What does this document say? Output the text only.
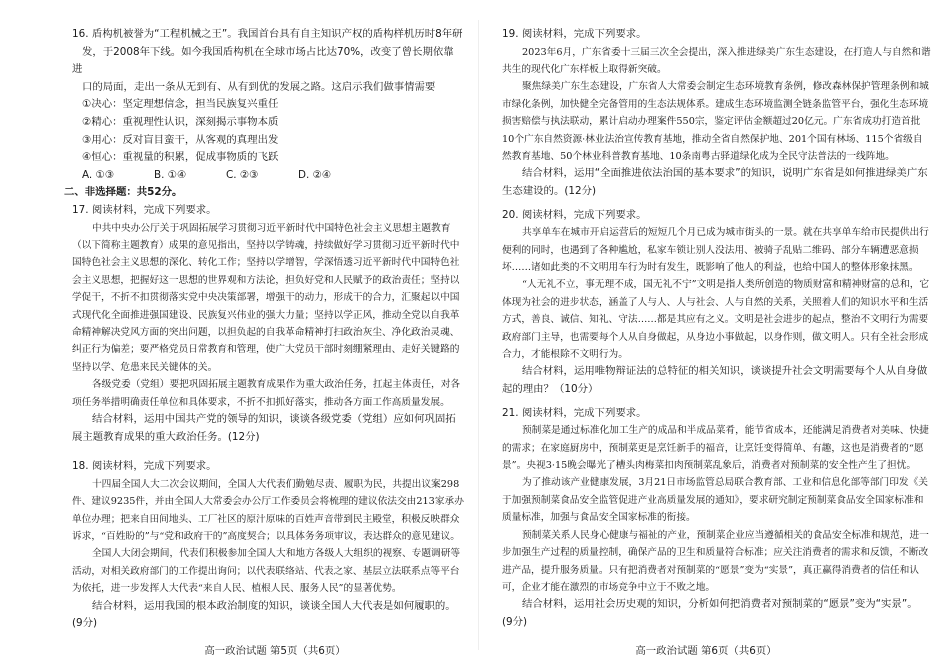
16. 盾构机被誉为“工程机械之王”。我国首台具有自主知识产权的盾构样机历时8年研

发，于2008年下线。如今我国盾构机在全球市场占比达70%，改变了曾长期依靠进

口的局面，走出一条从无到有、从有到优的发展之路。这启示我们做事情需要

①决心：坚定理想信念，担当民族复兴重任

②精心：重视理性认识，深刻揭示事物本质

③用心：反对盲目蛮干，从客观的真理出发

④恒心：重视量的积累，促成事物质的飞跃

A. ①③	B. ①④	C. ②③	D. ②④

二、非选择题：共52分。

17. 阅读材料，完成下列要求。

中共中央办公厅关于巩固拓展学习贯彻习近平新时代中国特色社会主义思想主题教育（以下简称主题教育）成果的意见指出，坚持以学铸魂，持续做好学习贯彻习近平新时代中国特色社会主义思想的深化、转化工作；坚持以学增智，学深悟透习近平新时代中国特色社会主义思想，把握好这一思想的世界观和方法论，担负好党和人民赋予的政治责任；坚持以学促干，不折不扣贯彻落实党中央决策部署，增强干的动力，形成干的合力，汇聚起以中国式现代化全面推进强国建设、民族复兴伟业的强大力量；坚持以学正风，推动全党以自我革命精神解决党风方面的突出问题，以担负起的自我革命精神打扫政治灰尘、净化政治灵魂、纠正行为偏差；要严格党员日常教育和管理，使广大党员干部时刻绷紧理由、走好关键路的坚持以学、危患来民关键体的关。

各级党委（党组）要把巩固拓展主题教育成果作为重大政治任务，扛起主体责任，对各项任务举措明确责任单位和具体要求，不折不扣抓好落实，推动各方面工作高质量发展。

结合材料，运用中国共产党的领导的知识，谈谈各级党委（党组）应如何巩固拓展主题教育成果的重大政治任务。(12分)

18. 阅读材料，完成下列要求。

十四届全国人大二次会议期间，全国人大代表们勤勉尽责、履职为民，共提出议案298件、建议9235件，并由全国人大常委会办公厅工作委员会将梳理的建议依法交由213家承办单位办理；把来自田间地头、工厂社区的原汁原味的百姓声音带到民主殿堂，积极反映群众诉求，“百姓盼的”与“党和政府干的”高度契合；以具体务务项审议，表达群众的意见建议。

全国人大闭会期间，代表们积极参加全国人大和地方各级人大组织的视察、专题调研等活动，对相关政府部门的工作提出询问；以代表联络站、代表之家、基层立法联系点等平台为依托，进一步发挥人大代表“来自人民、植根人民、服务人民”的显著优势。

结合材料，运用我国的根本政治制度的知识，谈谈全国人大代表是如何履职的。(9分)

高一政治试题 第5页（共6页）

19. 阅读材料，完成下列要求。

2023年6月，广东省委十三届三次全会提出，深入推进绿美广东生态建设，在打造人与自然和谐共生的现代化广东样板上取得新突破。

聚焦绿美广东生态建设，广东省人大常委会制定生态环境教育条例，修改森林保护管理条例和城市绿化条例，加快健全完备管用的生态法规体系。建成生态环境监测全链条监管平台，强化生态环境损害赔偿与执法联动，累计启动办理案件550宗，鉴定评估金额超过20亿元。广东省成功打造首批10个广东自然资源·林业法治宣传教育基地，推动全省自然保护地、201个国有林场、115个省级自然教育基地、50个林业科普教育基地、10条南粤古驿道绿化成为全民守法普法的一线阵地。

结合材料，运用“全面推进依法治国的基本要求”的知识，说明广东省是如何推进绿美广东生态建设的。(12分)

20. 阅读材料，完成下列要求。

共享单车在城市开启运营后的短短几个月已成为城市街头的一景。就在共享单车给市民提供出行便利的同时，也遇到了各种尴尬，私家车锁让别人没法用、被骑子乱贴二维码、部分车辆遭恶意损坏……诸如此类的不文明用车行为时有发生，既影响了他人的利益，也给中国人的整体形象抹黑。

“人无礼不立，事无理不成，国无礼不宁”文明是指人类所创造的物质财富和精神财富的总和，它体现为社会的进步状态，涵盖了人与人、人与社会、人与自然的关系，关照着人们的知识水平和生活方式，善良、诚信、知礼、守法……都是其应有之义。文明是社会进步的起点，整治不文明行为需要政府部门主导，也需要每个人从自身做起，从身边小事做起，以身作则，做文明人。只有全社会形成合力，才能根除不文明行为。

结合材料，运用唯物辩证法的总特征的相关知识，谈谈提升社会文明需要每个人从自身做起的理由？（10分）

21. 阅读材料，完成下列要求。

预制菜是通过标准化加工生产的成品和半成品菜肴，能节省成本，还能满足消费者对美味、快捷的需求；在家庭厨房中，预制菜更是烹饪新手的福音，让烹饪变得简单、有趣，这也是消费者的“愿景”。央视3·15晚会曝光了槽头肉梅菜扣肉预制菜乱象后，消费者对预制菜的安全性产生了担忧。

为了推动该产业健康发展，3月21日市场监管总局联合教育部、工业和信息化部等部门印发《关于加强预制菜食品安全监管促进产业高质量发展的通知》，要求研究制定预制菜食品安全国家标准和质量标准，加强与食品安全国家标准的衔接。

预制菜关系人民身心健康与福祉的产业，预制菜企业应当遵循相关的食品安全标准和规范，进一步加强生产过程的质量控制，确保产品的卫生和质量符合标准；应关注消费者的需求和反馈，不断改进产品，提升服务质量。只有把消费者对预制菜的“愿景”变为“实景”，真正赢得消费者的信任和认可，企业才能在激烈的市场竞争中立于不败之地。

结合材料，运用社会历史观的知识，分析如何把消费者对预制菜的“愿景”变为“实景”。

(9分)

高一政治试题 第6页（共6页）
